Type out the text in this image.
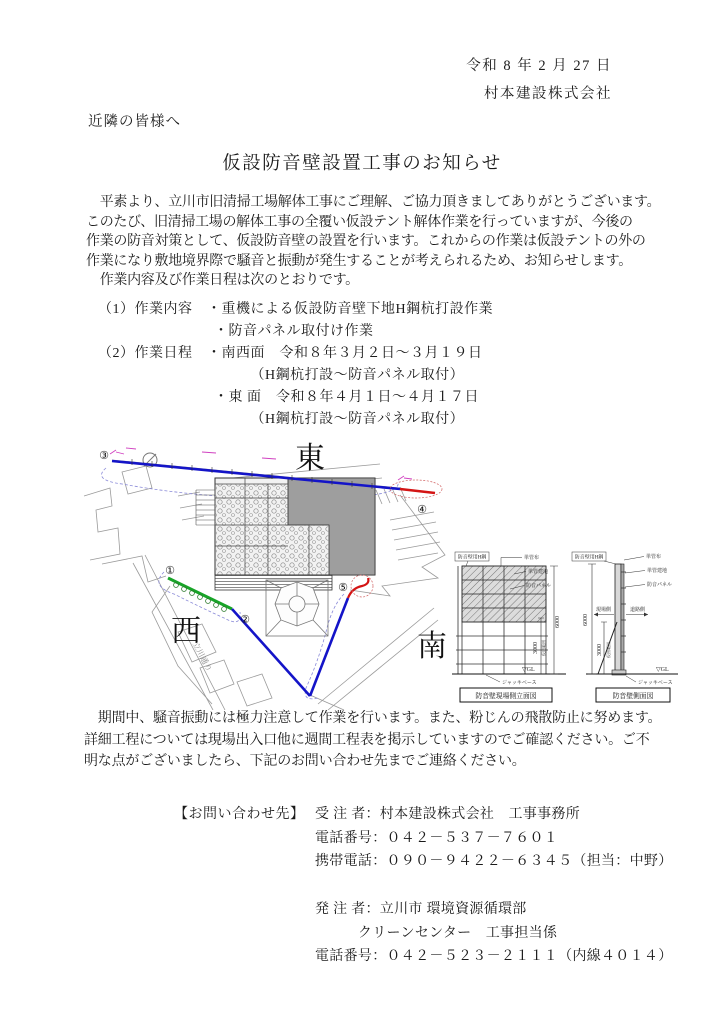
令和 8 年 2 月 27 日
村本建設株式会社
近隣の皆様へ
仮設防音壁設置工事のお知らせ
　平素より、立川市旧清掃工場解体工事にご理解、ご協力頂きましてありがとうございます。
このたび、旧清掃工場の解体工事の全覆い仮設テント解体作業を行っていますが、今後の
作業の防音対策として、仮設防音壁の設置を行います。これからの作業は仮設テントの外の
作業になり敷地境界際で騒音と振動が発生することが考えられるため、お知らせします。
　作業内容及び作業日程は次のとおりです。
（1）作業内容　・重機による仮設防音壁下地H鋼杭打設作業
　　　　　　　　・防音パネル取付け作業
（2）作業日程　・南西面　令和８年３月２日～３月１９日
　　　　　　　　　　　（H鋼杭打設～防音パネル取付）
　　　　　　　　・東 面　令和８年４月１日～４月１７日
　　　　　　　　　　　（H鋼杭打設～防音パネル取付）
①
②
③
④
⑤
東
西	南
立川通り
6000
3000 仮囲範囲
防音壁用H鋼	単管布
単管建地
防音パネル
▽GL
ジャッキベース
防音壁現場側立面図
6000
3000 仮囲範囲
防音壁用H鋼	単管布
単管建地
防音パネル
現場側	道路側
▽GL
ジャッキベース
防音壁側面図
　期間中、騒音振動には極力注意して作業を行います。また、粉じんの飛散防止に努めます。
詳細工程については現場出入口他に週間工程表を掲示していますのでご確認ください。ご不
明な点がございましたら、下記のお問い合わせ先までご連絡ください。
【お問い合わせ先】 受 注 者：村本建設株式会社　工事事務所
電話番号：０４２－５３７－７６０１
携帯電話：０９０－９４２２－６３４５（担当：中野）
発 注 者：立川市 環境資源循環部
　　　クリーンセンター　工事担当係
電話番号：０４２－５２３－２１１１（内線４０１４）
